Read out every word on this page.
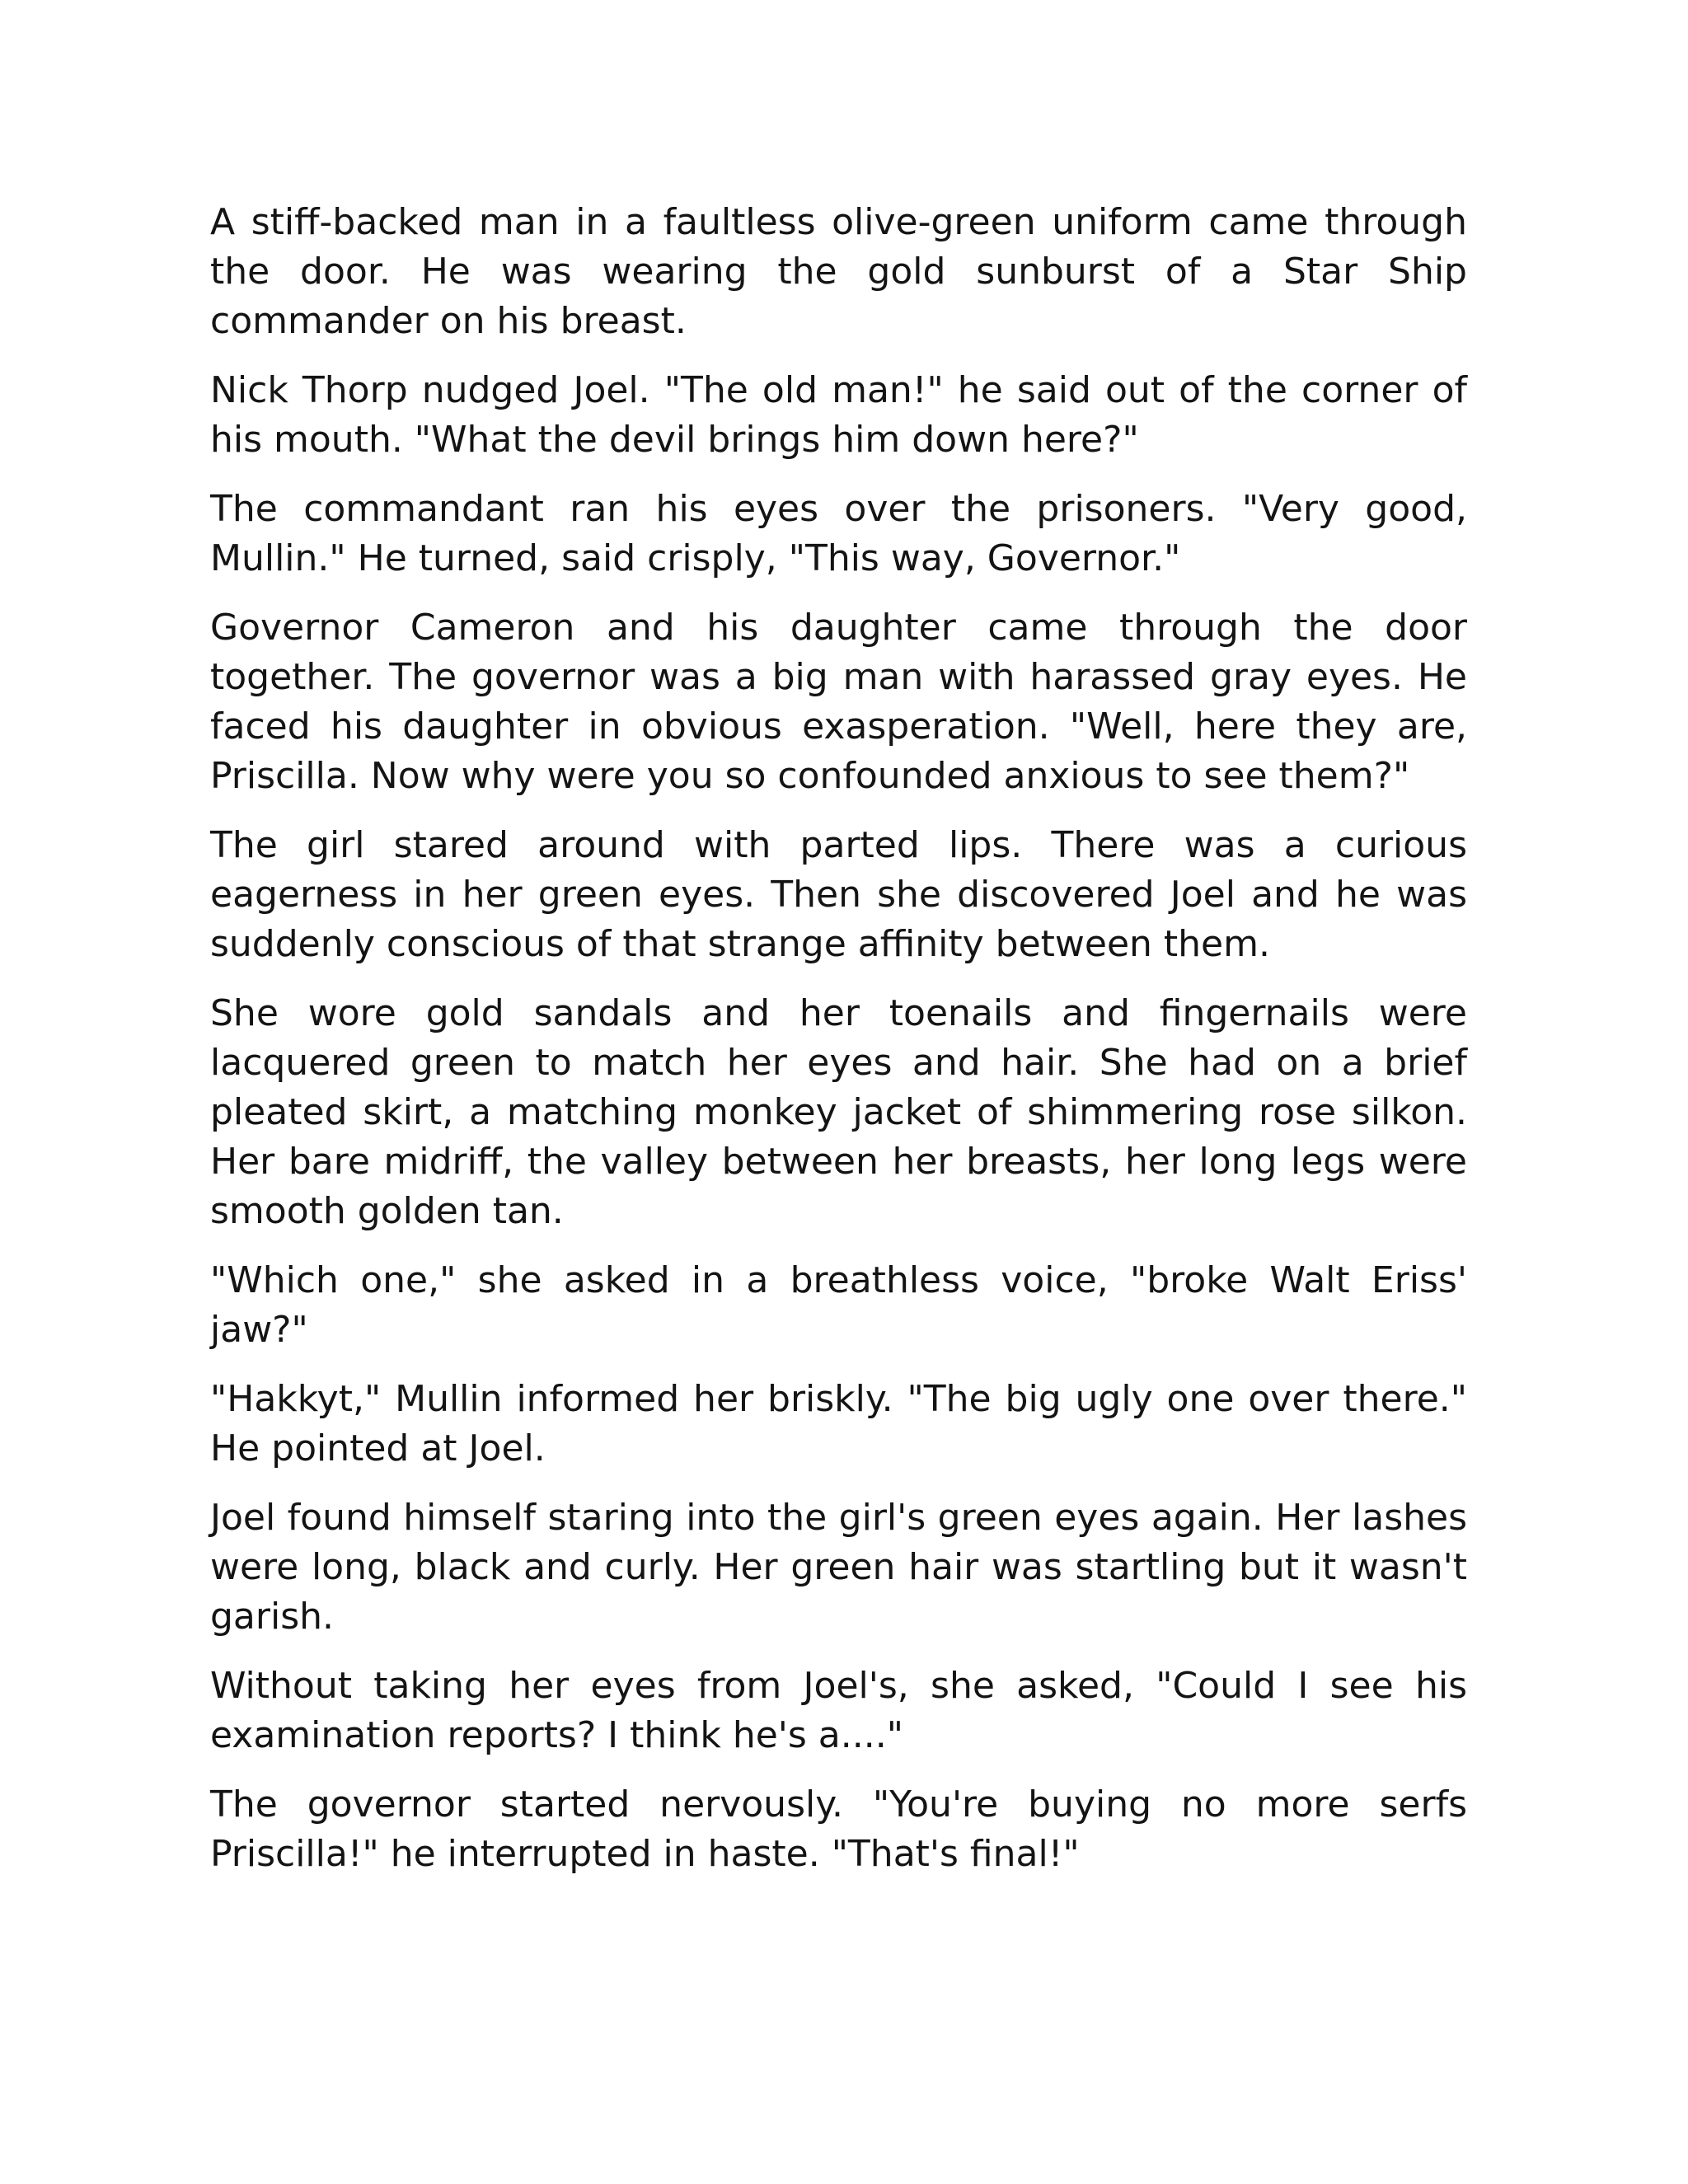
A stiff-backed man in a faultless olive-green uniform came through the door. He was wearing the gold sunburst of a Star Ship commander on his breast.

Nick Thorp nudged Joel. "The old man!" he said out of the corner of his mouth. "What the devil brings him down here?"

The commandant ran his eyes over the prisoners. "Very good, Mullin." He turned, said crisply, "This way, Governor."

Governor Cameron and his daughter came through the door together. The governor was a big man with harassed gray eyes. He faced his daughter in obvious exasperation. "Well, here they are, Priscilla. Now why were you so confounded anxious to see them?"

The girl stared around with parted lips. There was a curious eagerness in her green eyes. Then she discovered Joel and he was suddenly conscious of that strange affinity between them.

She wore gold sandals and her toenails and fingernails were lacquered green to match her eyes and hair. She had on a brief pleated skirt, a matching monkey jacket of shimmering rose silkon. Her bare midriff, the valley between her breasts, her long legs were smooth golden tan.

"Which one," she asked in a breathless voice, "broke Walt Eriss' jaw?"

"Hakkyt," Mullin informed her briskly. "The big ugly one over there." He pointed at Joel.

Joel found himself staring into the girl's green eyes again. Her lashes were long, black and curly. Her green hair was startling but it wasn't garish.

Without taking her eyes from Joel's, she asked, "Could I see his examination reports? I think he's a...."

The governor started nervously. "You're buying no more serfs Priscilla!" he interrupted in haste. "That's final!"
